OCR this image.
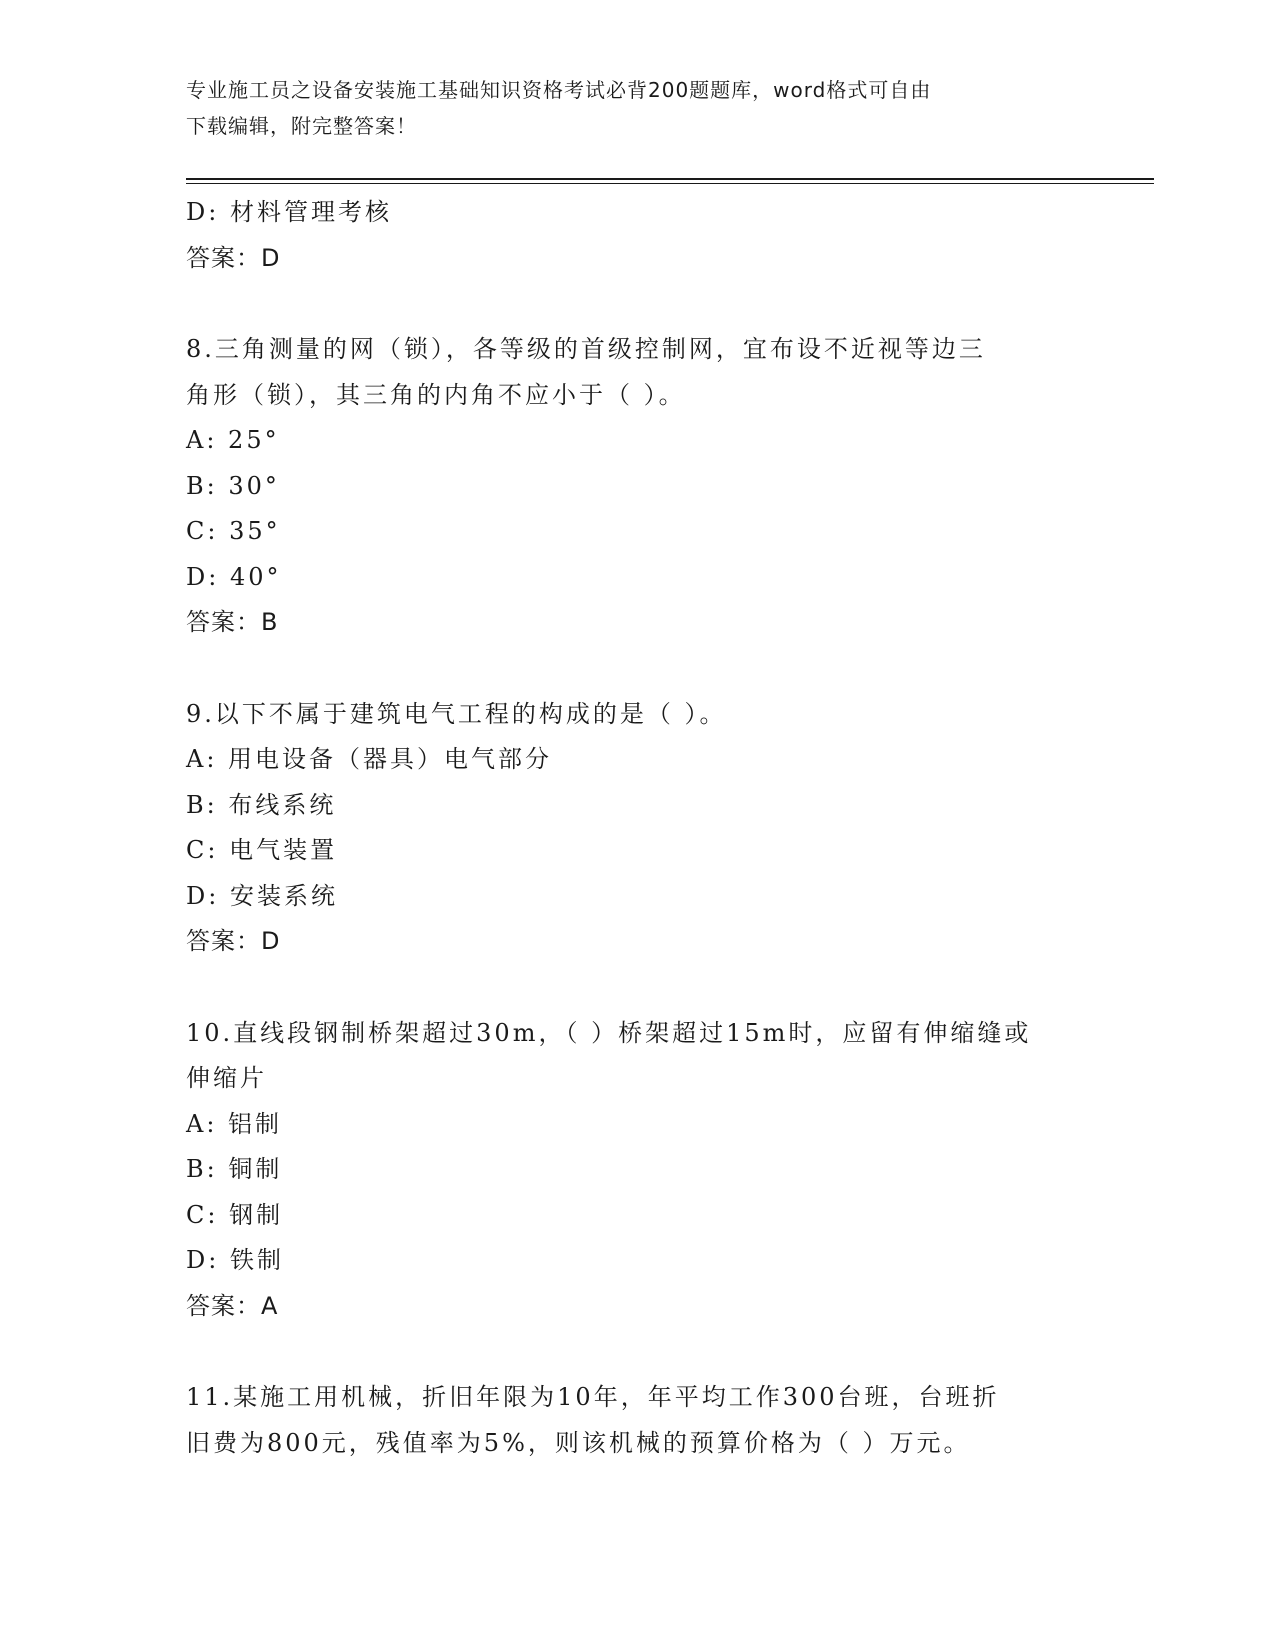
专业施工员之设备安装施工基础知识资格考试必背200题题库，word格式可自由
下载编辑，附完整答案！
D: 材料管理考核
答案：D
8.三角测量的网（锁），各等级的首级控制网，宜布设不近视等边三
角形（锁），其三角的内角不应小于（ ）。
A: 25°
B: 30°
C: 35°
D: 40°
答案：B
9.以下不属于建筑电气工程的构成的是（ ）。
A: 用电设备（器具）电气部分
B: 布线系统
C: 电气装置
D: 安装系统
答案：D
10.直线段钢制桥架超过30m，（ ）桥架超过15m时，应留有伸缩缝或
伸缩片
A: 铝制
B: 铜制
C: 钢制
D: 铁制
答案：A
11.某施工用机械，折旧年限为10年，年平均工作300台班，台班折
旧费为800元，残值率为5%，则该机械的预算价格为（ ）万元。
